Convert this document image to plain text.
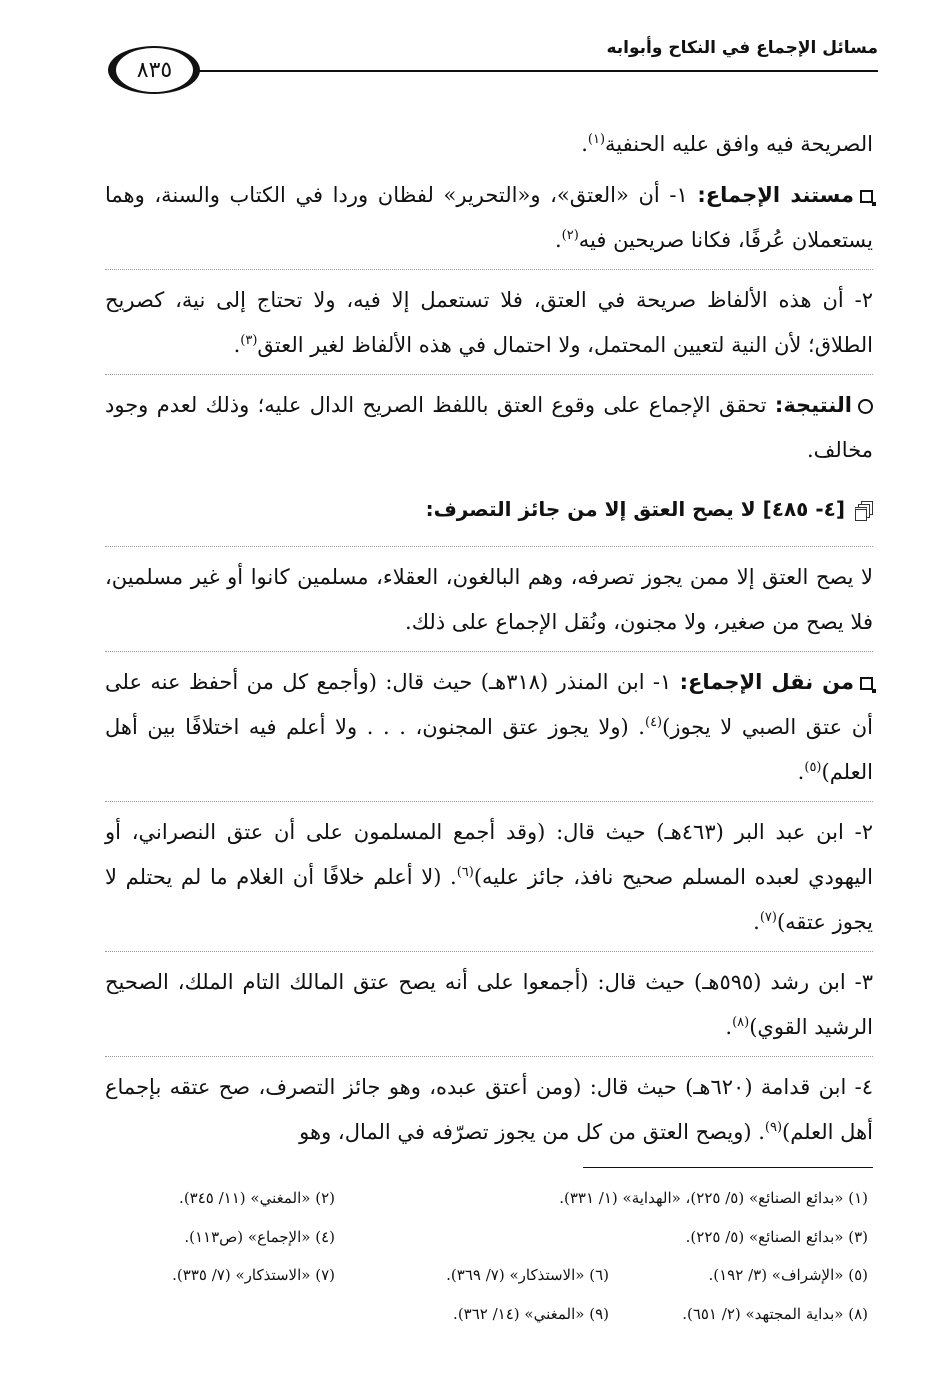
مسائل الإجماع في النكاح وأبوابه
٨٣٥

الصريحة فيه وافق عليه الحنفية$^{(١)}$.

مستند الإجماع: ١- أن «العتق»، و«التحرير» لفظان وردا في الكتاب والسنة، وهما يستعملان عُرفًا، فكانا صريحين فيه$^{(٢)}$.

٢- أن هذه الألفاظ صريحة في العتق، فلا تستعمل إلا فيه، ولا تحتاج إلى نية، كصريح الطلاق؛ لأن النية لتعيين المحتمل، ولا احتمال في هذه الألفاظ لغير العتق$^{(٣)}$.

النتيجة: تحقق الإجماع على وقوع العتق باللفظ الصريح الدال عليه؛ وذلك لعدم وجود مخالف.

[٤- ٤٨٥] لا يصح العتق إلا من جائز التصرف:

لا يصح العتق إلا ممن يجوز تصرفه، وهم البالغون، العقلاء، مسلمين كانوا أو غير مسلمين، فلا يصح من صغير، ولا مجنون، ونُقل الإجماع على ذلك.

من نقل الإجماع: ١- ابن المنذر (٣١٨هـ) حيث قال: (وأجمع كل من أحفظ عنه على أن عتق الصبي لا يجوز)$^{(٤)}$. (ولا يجوز عتق المجنون، . . . ولا أعلم فيه اختلافًا بين أهل العلم)$^{(٥)}$.

٢- ابن عبد البر (٤٦٣هـ) حيث قال: (وقد أجمع المسلمون على أن عتق النصراني، أو اليهودي لعبده المسلم صحيح نافذ، جائز عليه)$^{(٦)}$. (لا أعلم خلافًا أن الغلام ما لم يحتلم لا يجوز عتقه)$^{(٧)}$.

٣- ابن رشد (٥٩٥هـ) حيث قال: (أجمعوا على أنه يصح عتق المالك التام الملك، الصحيح الرشيد القوي)$^{(٨)}$.

٤- ابن قدامة (٦٢٠هـ) حيث قال: (ومن أعتق عبده، وهو جائز التصرف، صح عتقه بإجماع أهل العلم)$^{(٩)}$. (ويصح العتق من كل من يجوز تصرّفه في المال، وهو

(١) «بدائع الصنائع» (٥/ ٢٢٥)، «الهداية» (١/ ٣٣١).
(٢) «المغني» (١١/ ٣٤٥).
(٣) «بدائع الصنائع» (٥/ ٢٢٥).
(٤) «الإجماع» (ص١١٣).
(٥) «الإشراف» (٣/ ١٩٢).
(٦) «الاستذكار» (٧/ ٣٦٩).
(٧) «الاستذكار» (٧/ ٣٣٥).
(٨) «بداية المجتهد» (٢/ ٦٥١).
(٩) «المغني» (١٤/ ٣٦٢).
